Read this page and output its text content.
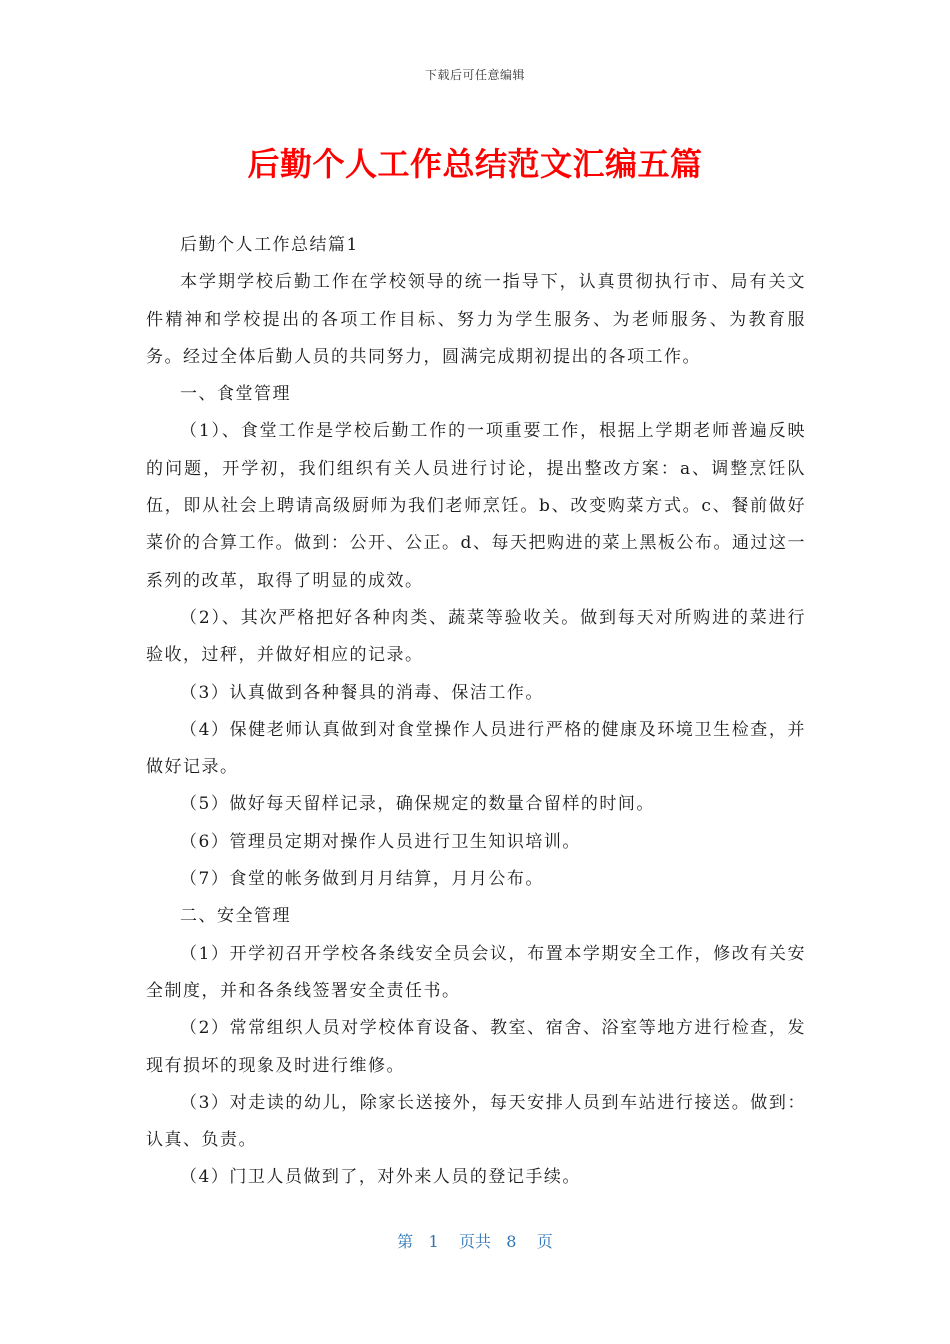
下载后可任意编辑
后勤个人工作总结范文汇编五篇

后勤个人工作总结篇1

本学期学校后勤工作在学校领导的统一指导下，认真贯彻执行市、局有关文件精神和学校提出的各项工作目标、努力为学生服务、为老师服务、为教育服务。经过全体后勤人员的共同努力，圆满完成期初提出的各项工作。

一、食堂管理

（1）、食堂工作是学校后勤工作的一项重要工作，根据上学期老师普遍反映的问题，开学初，我们组织有关人员进行讨论，提出整改方案：a、调整烹饪队伍，即从社会上聘请高级厨师为我们老师烹饪。b、改变购菜方式。c、餐前做好菜价的合算工作。做到：公开、公正。d、每天把购进的菜上黑板公布。通过这一系列的改革，取得了明显的成效。

（2）、其次严格把好各种肉类、蔬菜等验收关。做到每天对所购进的菜进行验收，过秤，并做好相应的记录。

（3）认真做到各种餐具的消毒、保洁工作。

（4）保健老师认真做到对食堂操作人员进行严格的健康及环境卫生检查，并做好记录。

（5）做好每天留样记录，确保规定的数量合留样的时间。

（6）管理员定期对操作人员进行卫生知识培训。

（7）食堂的帐务做到月月结算，月月公布。

二、安全管理

（1）开学初召开学校各条线安全员会议，布置本学期安全工作，修改有关安全制度，并和各条线签署安全责任书。

（2）常常组织人员对学校体育设备、教室、宿舍、浴室等地方进行检查，发现有损坏的现象及时进行维修。

（3）对走读的幼儿，除家长送接外，每天安排人员到车站进行接送。做到：认真、负责。

（4）门卫人员做到了，对外来人员的登记手续。

第 1 页共 8 页
